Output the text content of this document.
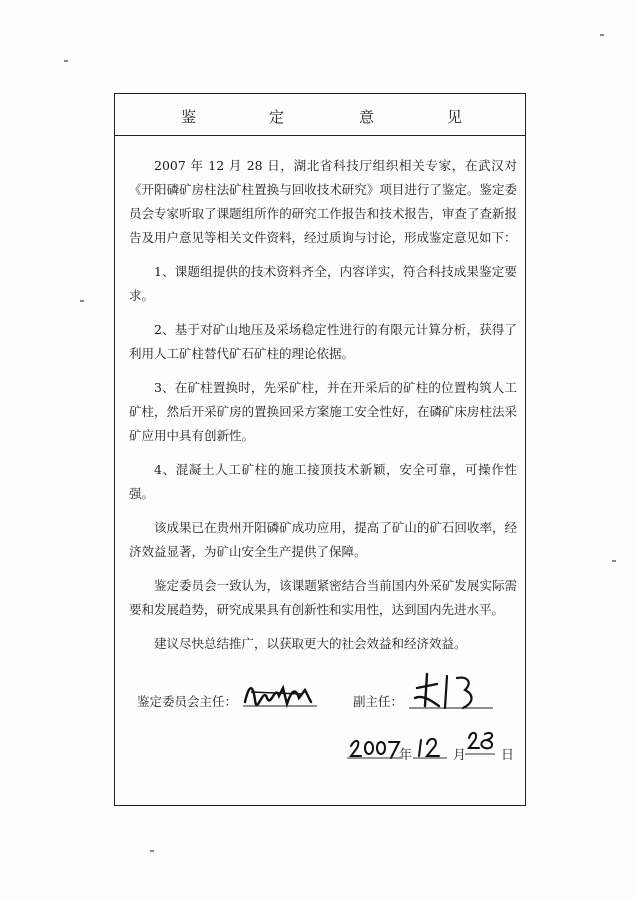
鉴	定	意	见

2007 年 12 月 28 日，湖北省科技厅组织相关专家，在武汉对《开阳磷矿房柱法矿柱置换与回收技术研究》项目进行了鉴定。鉴定委员会专家听取了课题组所作的研究工作报告和技术报告，审查了查新报告及用户意见等相关文件资料，经过质询与讨论，形成鉴定意见如下：

1、课题组提供的技术资料齐全，内容详实，符合科技成果鉴定要求。

2、基于对矿山地压及采场稳定性进行的有限元计算分析，获得了利用人工矿柱替代矿石矿柱的理论依据。

3、在矿柱置换时，先采矿柱，并在开采后的矿柱的位置构筑人工矿柱，然后开采矿房的置换回采方案施工安全性好，在磷矿床房柱法采矿应用中具有创新性。

4、混凝土人工矿柱的施工接顶技术新颖，安全可靠，可操作性强。

该成果已在贵州开阳磷矿成功应用，提高了矿山的矿石回收率，经济效益显著，为矿山安全生产提供了保障。

鉴定委员会一致认为，该课题紧密结合当前国内外采矿发展实际需要和发展趋势，研究成果具有创新性和实用性，达到国内先进水平。

建议尽快总结推广，以获取更大的社会效益和经济效益。

鉴定委员会主任：	副主任：
年	月	日
